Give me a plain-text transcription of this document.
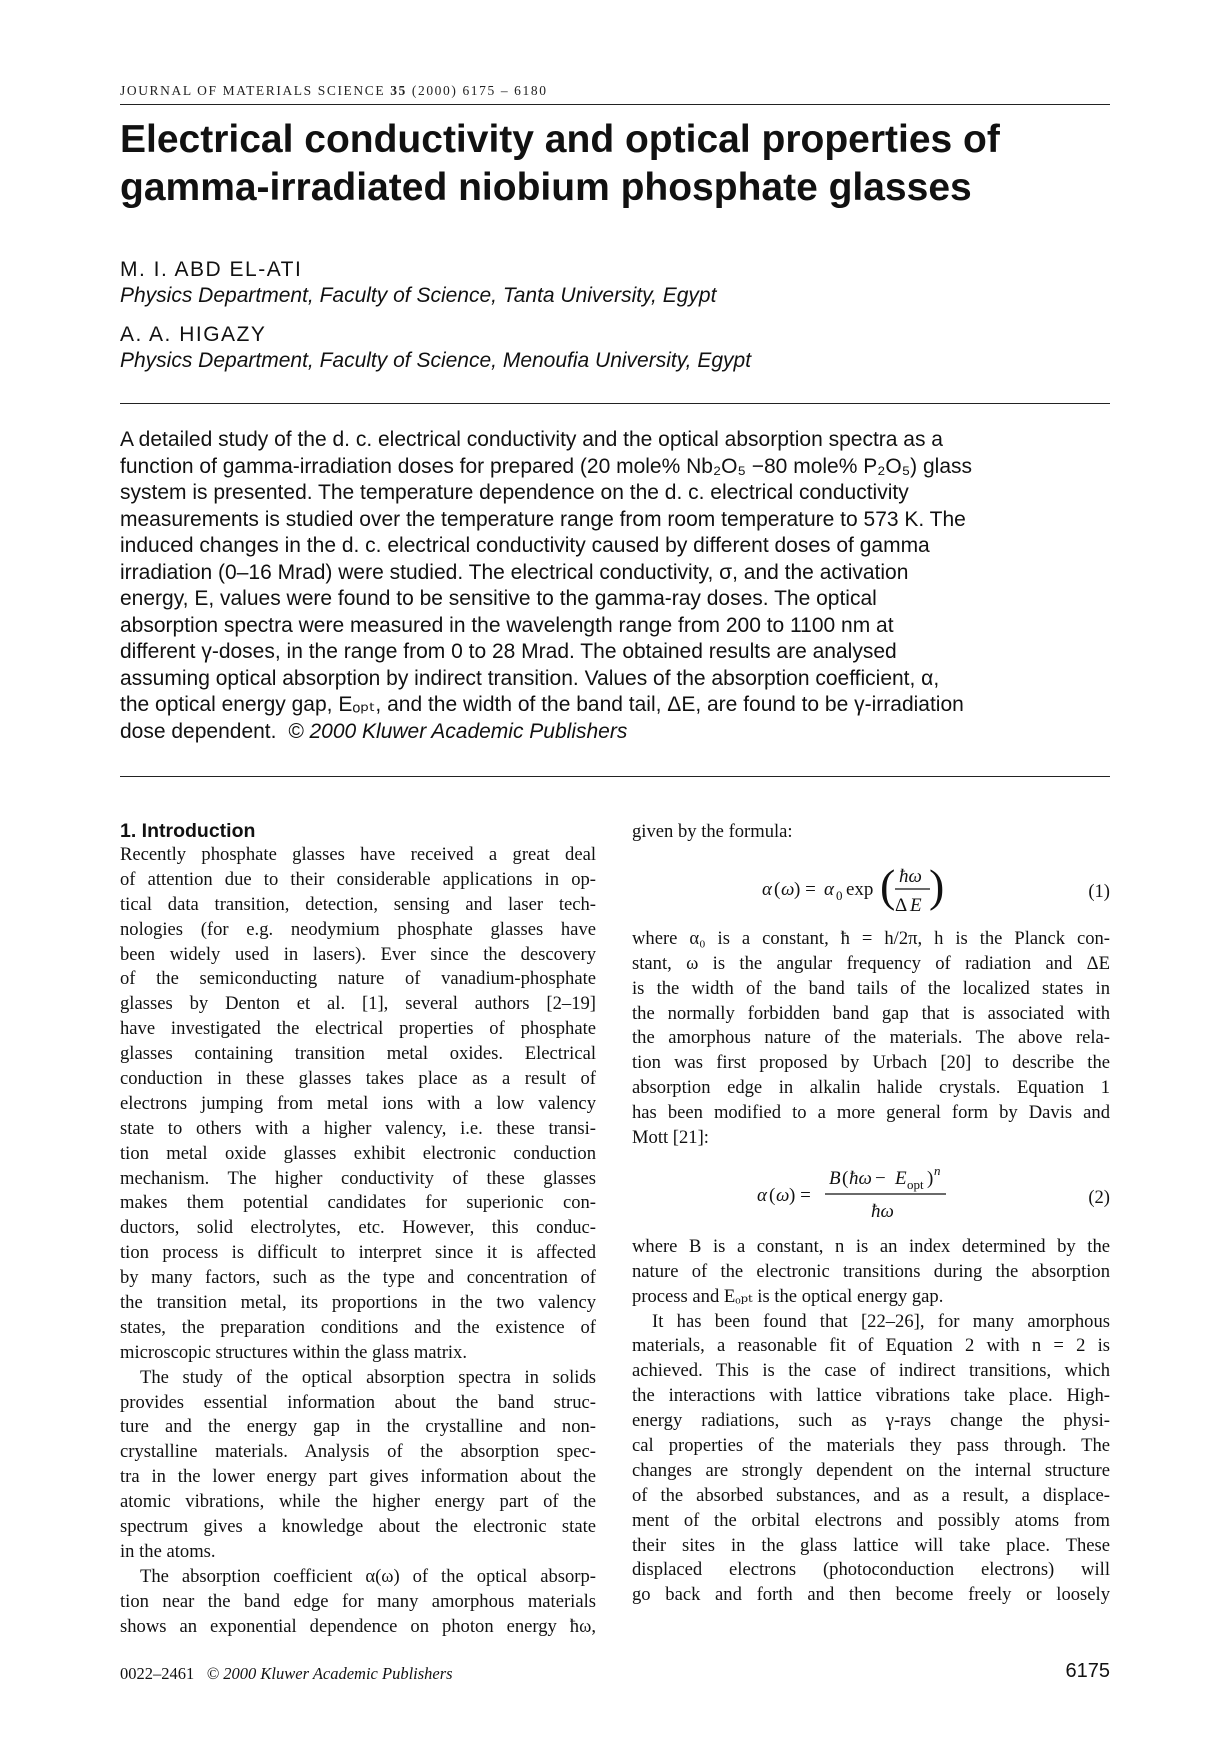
JOURNAL OF MATERIALS SCIENCE 35 (2000) 6175 – 6180
Electrical conductivity and optical properties of
gamma-irradiated niobium phosphate glasses
M. I. ABD EL-ATI
Physics Department, Faculty of Science, Tanta University, Egypt
A. A. HIGAZY
Physics Department, Faculty of Science, Menoufia University, Egypt
A detailed study of the d. c. electrical conductivity and the optical absorption spectra as a
function of gamma-irradiation doses for prepared (20 mole% Nb₂O₅ −80 mole% P₂O₅) glass
system is presented. The temperature dependence on the d. c. electrical conductivity
measurements is studied over the temperature range from room temperature to 573 K. The
induced changes in the d. c. electrical conductivity caused by different doses of gamma
irradiation (0–16 Mrad) were studied. The electrical conductivity, σ, and the activation
energy, E, values were found to be sensitive to the gamma-ray doses. The optical
absorption spectra were measured in the wavelength range from 200 to 1100 nm at
different γ-doses, in the range from 0 to 28 Mrad. The obtained results are analysed
assuming optical absorption by indirect transition. Values of the absorption coefficient, α,
the optical energy gap, Eₒₚₜ, and the width of the band tail, ΔE, are found to be γ-irradiation
dose dependent. © 2000 Kluwer Academic Publishers
1. Introduction
Recently phosphate glasses have received a great deal
of attention due to their considerable applications in op-
tical data transition, detection, sensing and laser tech-
nologies (for e.g. neodymium phosphate glasses have
been widely used in lasers). Ever since the descovery
of the semiconducting nature of vanadium-phosphate
glasses by Denton et al. [1], several authors [2–19]
have investigated the electrical properties of phosphate
glasses containing transition metal oxides. Electrical
conduction in these glasses takes place as a result of
electrons jumping from metal ions with a low valency
state to others with a higher valency, i.e. these transi-
tion metal oxide glasses exhibit electronic conduction
mechanism. The higher conductivity of these glasses
makes them potential candidates for superionic con-
ductors, solid electrolytes, etc. However, this conduc-
tion process is difficult to interpret since it is affected
by many factors, such as the type and concentration of
the transition metal, its proportions in the two valency
states, the preparation conditions and the existence of
microscopic structures within the glass matrix.
The study of the optical absorption spectra in solids
provides essential information about the band struc-
ture and the energy gap in the crystalline and non-
crystalline materials. Analysis of the absorption spec-
tra in the lower energy part gives information about the
atomic vibrations, while the higher energy part of the
spectrum gives a knowledge about the electronic state
in the atoms.
The absorption coefficient α(ω) of the optical absorp-
tion near the band edge for many amorphous materials
shows an exponential dependence on photon energy ħω,
given by the formula:
α ( ω ) = α 0 exp ( ħω
Δ E )	(1)
where α₀ is a constant, ħ = h/2π, h is the Planck con-
stant, ω is the angular frequency of radiation and ΔE
is the width of the band tails of the localized states in
the normally forbidden band gap that is associated with
the amorphous nature of the materials. The above rela-
tion was first proposed by Urbach [20] to describe the
absorption edge in alkalin halide crystals. Equation 1
has been modified to a more general form by Davis and
Mott [21]:
α ( ω ) =
B ( ħω − E opt ) n
ħω
(2)
where B is a constant, n is an index determined by the
nature of the electronic transitions during the absorption
process and Eₒₚₜ is the optical energy gap.
It has been found that [22–26], for many amorphous
materials, a reasonable fit of Equation 2 with n = 2 is
achieved. This is the case of indirect transitions, which
the interactions with lattice vibrations take place. High-
energy radiations, such as γ-rays change the physi-
cal properties of the materials they pass through. The
changes are strongly dependent on the internal structure
of the absorbed substances, and as a result, a displace-
ment of the orbital electrons and possibly atoms from
their sites in the glass lattice will take place. These
displaced electrons (photoconduction electrons) will
go back and forth and then become freely or loosely
0022–2461 © 2000 Kluwer Academic Publishers	6175
